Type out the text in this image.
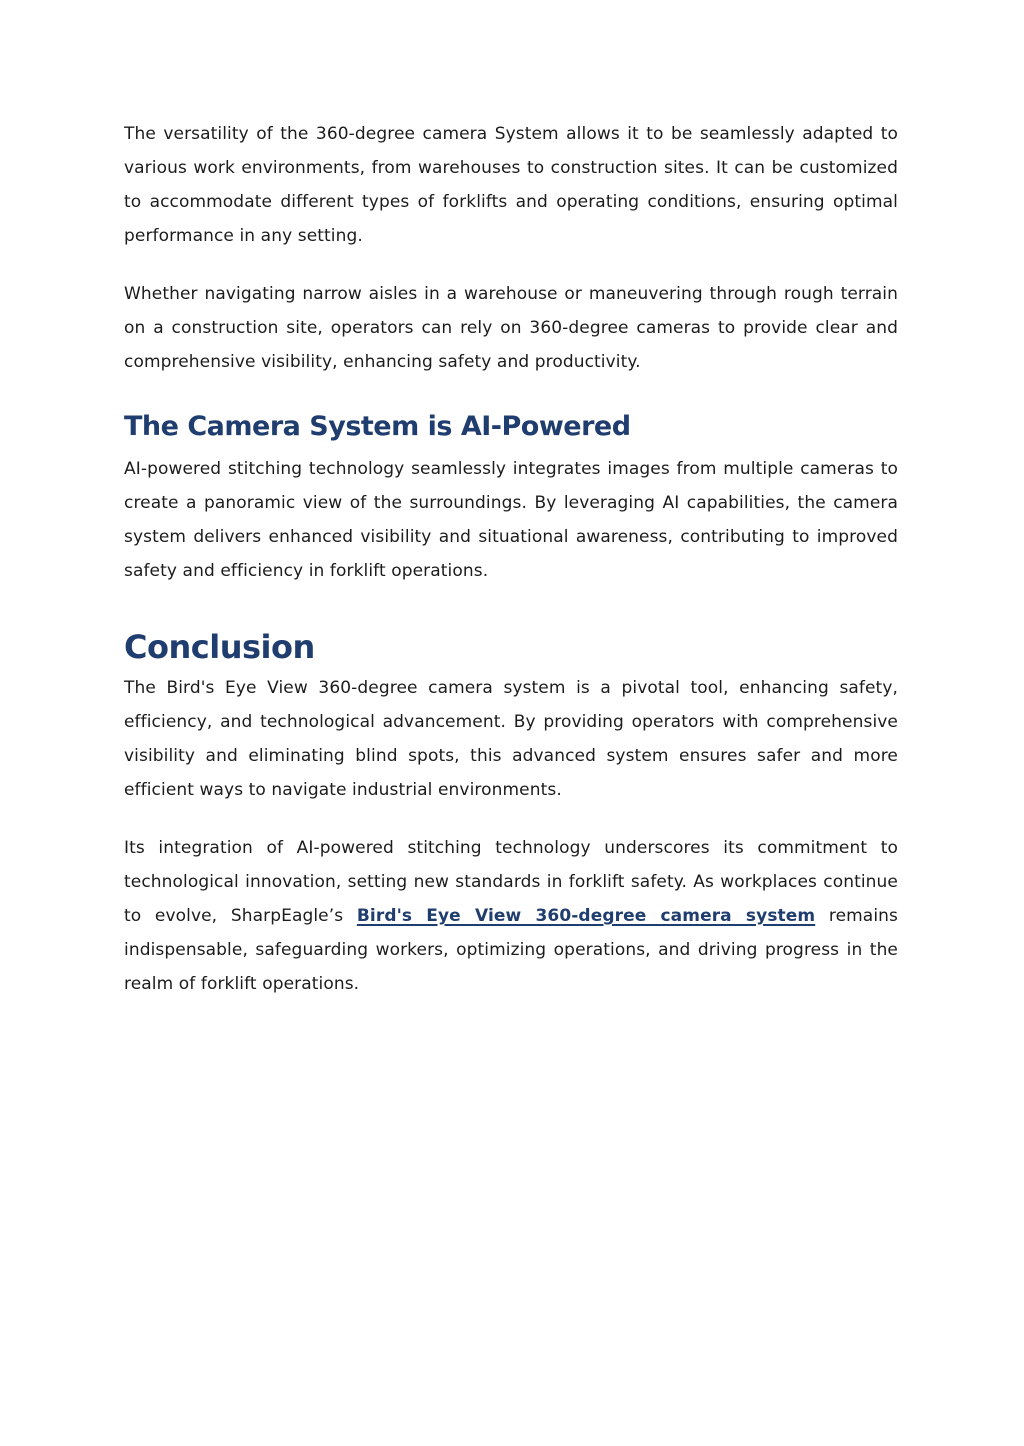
The versatility of the 360-degree camera System allows it to be seamlessly adapted to various work environments, from warehouses to construction sites. It can be customized to accommodate different types of forklifts and operating conditions, ensuring optimal performance in any setting.

Whether navigating narrow aisles in a warehouse or maneuvering through rough terrain on a construction site, operators can rely on 360-degree cameras to provide clear and comprehensive visibility, enhancing safety and productivity.

The Camera System is AI-Powered

AI-powered stitching technology seamlessly integrates images from multiple cameras to create a panoramic view of the surroundings. By leveraging AI capabilities, the camera system delivers enhanced visibility and situational awareness, contributing to improved safety and efficiency in forklift operations.

Conclusion

The Bird's Eye View 360-degree camera system is a pivotal tool, enhancing safety, efficiency, and technological advancement. By providing operators with comprehensive visibility and eliminating blind spots, this advanced system ensures safer and more efficient ways to navigate industrial environments.

Its integration of AI-powered stitching technology underscores its commitment to technological innovation, setting new standards in forklift safety. As workplaces continue to evolve, SharpEagle’s Bird's Eye View 360-degree camera system remains indispensable, safeguarding workers, optimizing operations, and driving progress in the realm of forklift operations.
